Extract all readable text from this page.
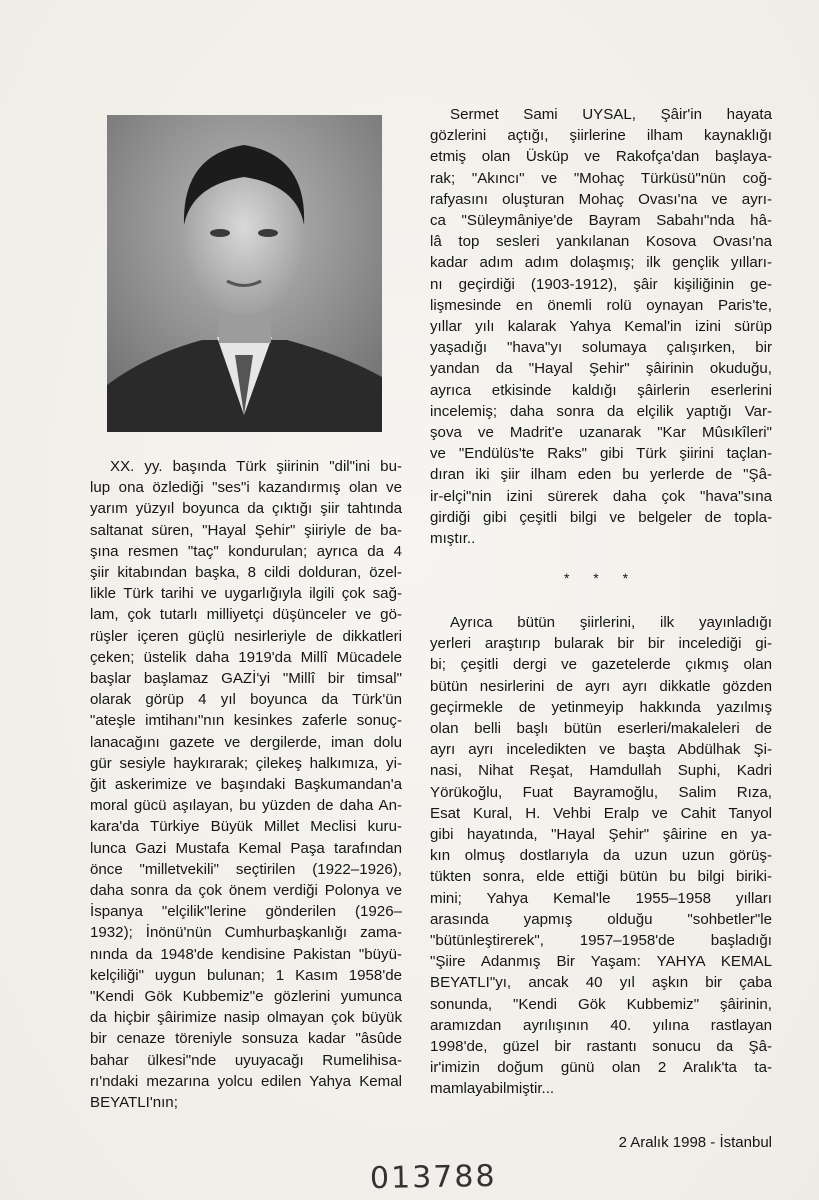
XX. yy. başında Türk şiirinin "dil"ini bu-
lup ona özlediği "ses"i kazandırmış olan ve
yarım yüzyıl boyunca da çıktığı şiir tahtında
saltanat süren, "Hayal Şehir" şiiriyle de ba-
şına resmen "taç" kondurulan; ayrıca da 4
şiir kitabından başka, 8 cildi dolduran, özel-
likle Türk tarihi ve uygarlığıyla ilgili çok sağ-
lam, çok tutarlı milliyetçi düşünceler ve gö-
rüşler içeren güçlü nesirleriyle de dikkatleri
çeken; üstelik daha 1919'da Millî Mücadele
başlar başlamaz GAZİ'yi "Millî bir timsal"
olarak görüp 4 yıl boyunca da Türk'ün
"ateşle imtihanı"nın kesinkes zaferle sonuç-
lanacağını gazete ve dergilerde, iman dolu
gür sesiyle haykırarak; çilekeş halkımıza, yi-
ğit askerimize ve başındaki Başkumandan'a
moral gücü aşılayan, bu yüzden de daha An-
kara'da Türkiye Büyük Millet Meclisi kuru-
lunca Gazi Mustafa Kemal Paşa tarafından
önce "milletvekili" seçtirilen (1922–1926),
daha sonra da çok önem verdiği Polonya ve
İspanya "elçilik"lerine gönderilen (1926–
1932); İnönü'nün Cumhurbaşkanlığı zama-
nında da 1948'de kendisine Pakistan "büyü-
kelçiliği" uygun bulunan; 1 Kasım 1958'de
"Kendi Gök Kubbemiz"e gözlerini yumunca
da hiçbir şâirimize nasip olmayan çok büyük
bir cenaze töreniyle sonsuza kadar "âsûde
bahar ülkesi"nde uyuyacağı Rumelihisa-
rı'ndaki mezarına yolcu edilen Yahya Kemal
BEYATLI'nın;

Sermet Sami UYSAL, Şâir'in hayata
gözlerini açtığı, şiirlerine ilham kaynaklığı
etmiş olan Üsküp ve Rakofça'dan başlaya-
rak; "Akıncı" ve "Mohaç Türküsü"nün coğ-
rafyasını oluşturan Mohaç Ovası'na ve ayrı-
ca "Süleymâniye'de Bayram Sabahı"nda hâ-
lâ top sesleri yankılanan Kosova Ovası'na
kadar adım adım dolaşmış; ilk gençlik yılları-
nı geçirdiği (1903-1912), şâir kişiliğinin ge-
lişmesinde en önemli rolü oynayan Paris'te,
yıllar yılı kalarak Yahya Kemal'in izini sürüp
yaşadığı "hava"yı solumaya çalışırken, bir
yandan da "Hayal Şehir" şâirinin okuduğu,
ayrıca etkisinde kaldığı şâirlerin eserlerini
incelemiş; daha sonra da elçilik yaptığı Var-
şova ve Madrit'e uzanarak "Kar Mûsıkîleri"
ve "Endülüs'te Raks" gibi Türk şiirini taçlan-
dıran iki şiir ilham eden bu yerlerde de "Şâ-
ir-elçi"nin izini sürerek daha çok "hava"sına
girdiği gibi çeşitli bilgi ve belgeler de topla-
mıştır..

* * *

Ayrıca bütün şiirlerini, ilk yayınladığı
yerleri araştırıp bularak bir bir incelediği gi-
bi; çeşitli dergi ve gazetelerde çıkmış olan
bütün nesirlerini de ayrı ayrı dikkatle gözden
geçirmekle de yetinmeyip hakkında yazılmış
olan belli başlı bütün eserleri/makaleleri de
ayrı ayrı inceledikten ve başta Abdülhak Şi-
nasi, Nihat Reşat, Hamdullah Suphi, Kadri
Yörükoğlu, Fuat Bayramoğlu, Salim Rıza,
Esat Kural, H. Vehbi Eralp ve Cahit Tanyol
gibi hayatında, "Hayal Şehir" şâirine en ya-
kın olmuş dostlarıyla da uzun uzun görüş-
tükten sonra, elde ettiği bütün bu bilgi biriki-
mini; Yahya Kemal'le 1955–1958 yılları
arasında yapmış olduğu "sohbetler"le
"bütünleştirerek", 1957–1958'de başladığı
"Şiire Adanmış Bir Yaşam: YAHYA KEMAL
BEYATLI"yı, ancak 40 yıl aşkın bir çaba
sonunda, "Kendi Gök Kubbemiz" şâirinin,
aramızdan ayrılışının 40. yılına rastlayan
1998'de, güzel bir rastantı sonucu da Şâ-
ir'imizin doğum günü olan 2 Aralık'ta ta-
mamlayabilmiştir...

2 Aralık 1998 - İstanbul
013788
